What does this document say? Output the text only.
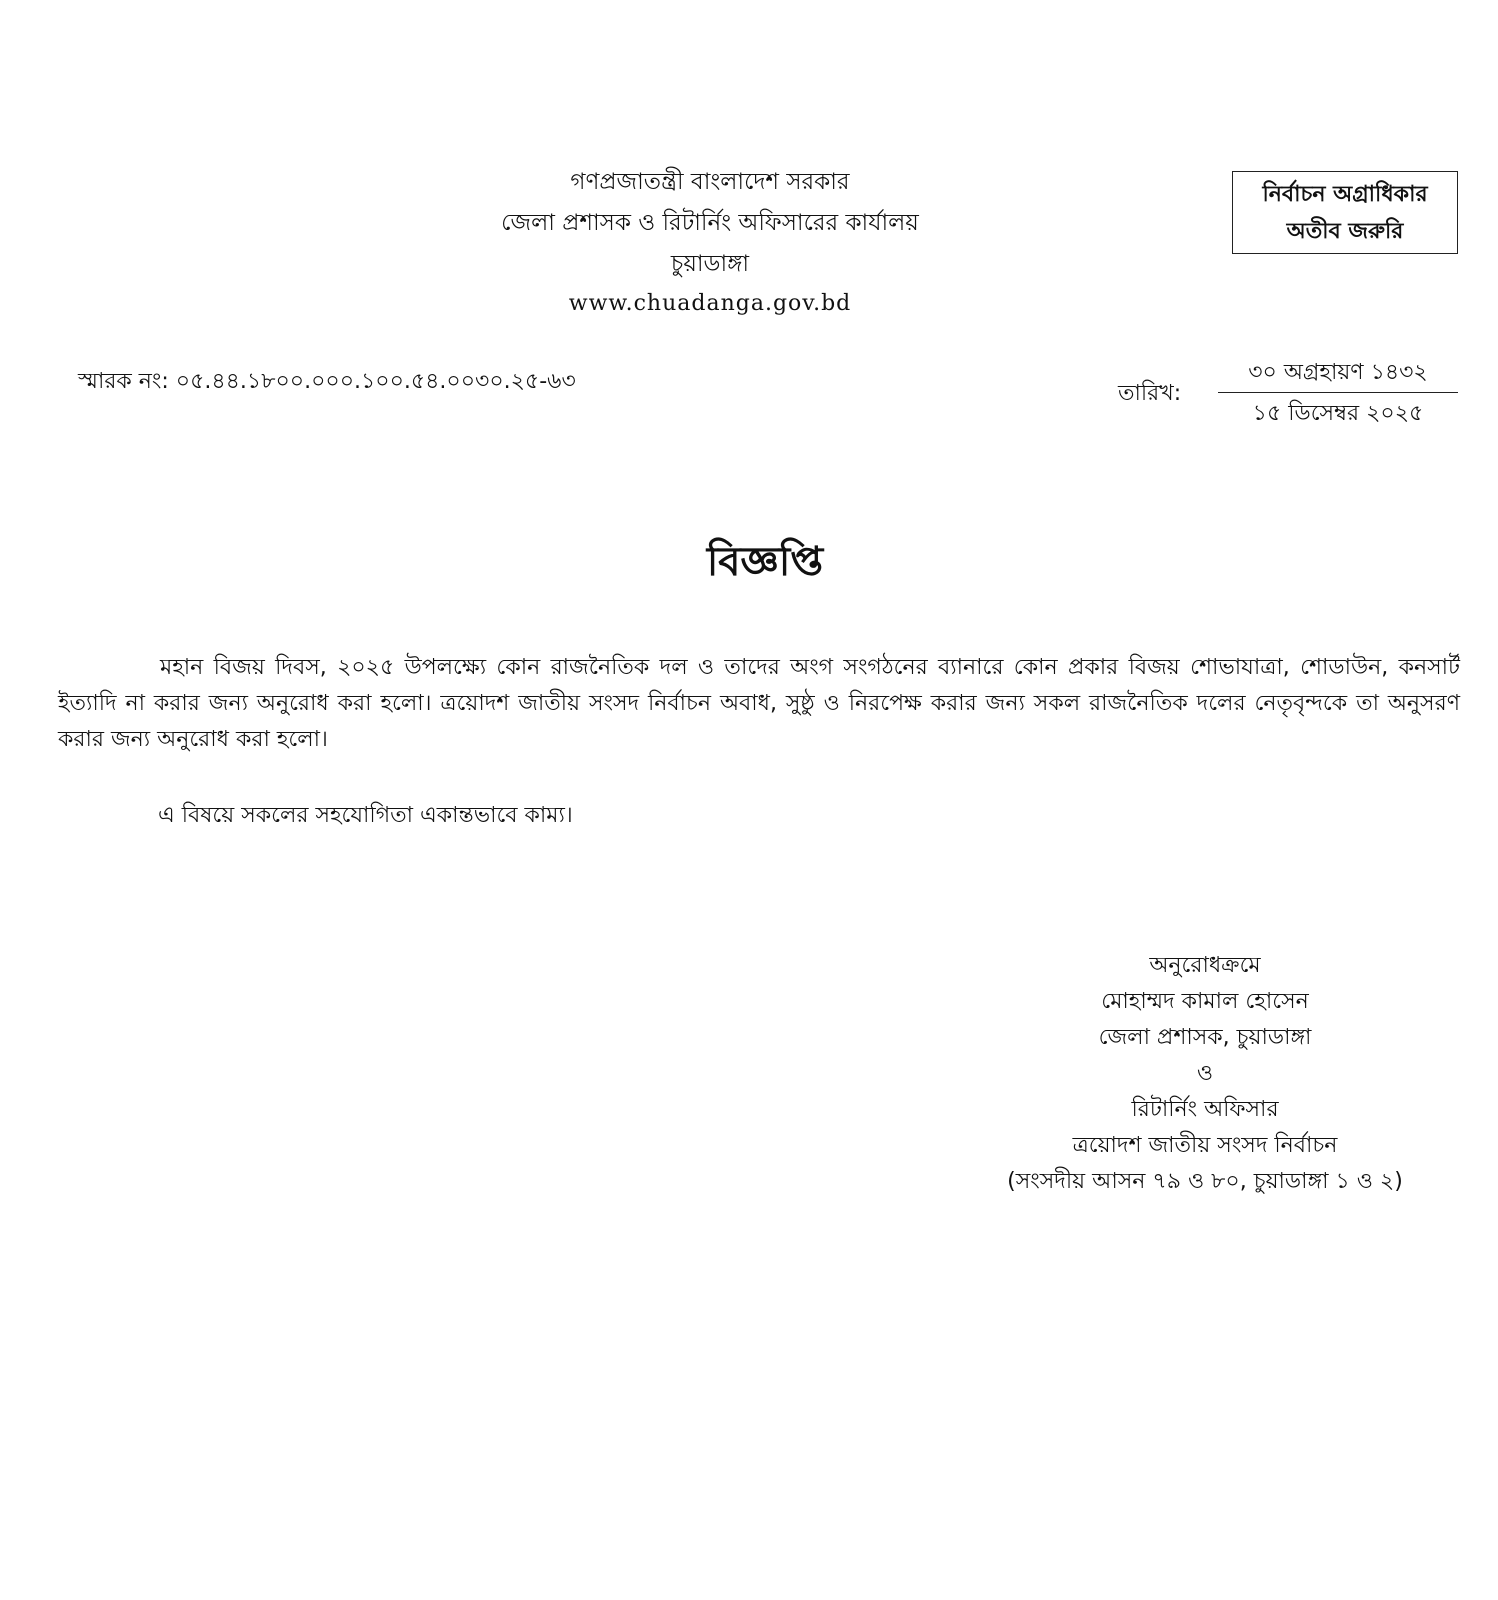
গণপ্রজাতন্ত্রী বাংলাদেশ সরকার
জেলা প্রশাসক ও রিটার্নিং অফিসারের কার্যালয়
চুয়াডাঙ্গা
www.chuadanga.gov.bd
নির্বাচন অগ্রাধিকার
অতীব জরুরি
স্মারক নং: ০৫.৪৪.১৮০০.০০০.১০০.৫৪.০০৩০.২৫-৬৩	তারিখ:
৩০ অগ্রহায়ণ ১৪৩২
১৫ ডিসেম্বর ২০২৫
বিজ্ঞপ্তি

মহান বিজয় দিবস, ২০২৫ উপলক্ষ্যে কোন রাজনৈতিক দল ও তাদের অংগ সংগঠনের ব্যানারে কোন প্রকার বিজয় শোভাযাত্রা, শোডাউন, কনসার্ট ইত্যাদি না করার জন্য অনুরোধ করা হলো। ত্রয়োদশ জাতীয় সংসদ নির্বাচন অবাধ, সুষ্ঠু ও নিরপেক্ষ করার জন্য সকল রাজনৈতিক দলের নেতৃবৃন্দকে তা অনুসরণ করার জন্য অনুরোধ করা হলো।

এ বিষয়ে সকলের সহযোগিতা একান্তভাবে কাম্য।

অনুরোধক্রমে
মোহাম্মদ কামাল হোসেন
জেলা প্রশাসক, চুয়াডাঙ্গা
ও
রিটার্নিং অফিসার
ত্রয়োদশ জাতীয় সংসদ নির্বাচন
(সংসদীয় আসন ৭৯ ও ৮০, চুয়াডাঙ্গা ১ ও ২)
